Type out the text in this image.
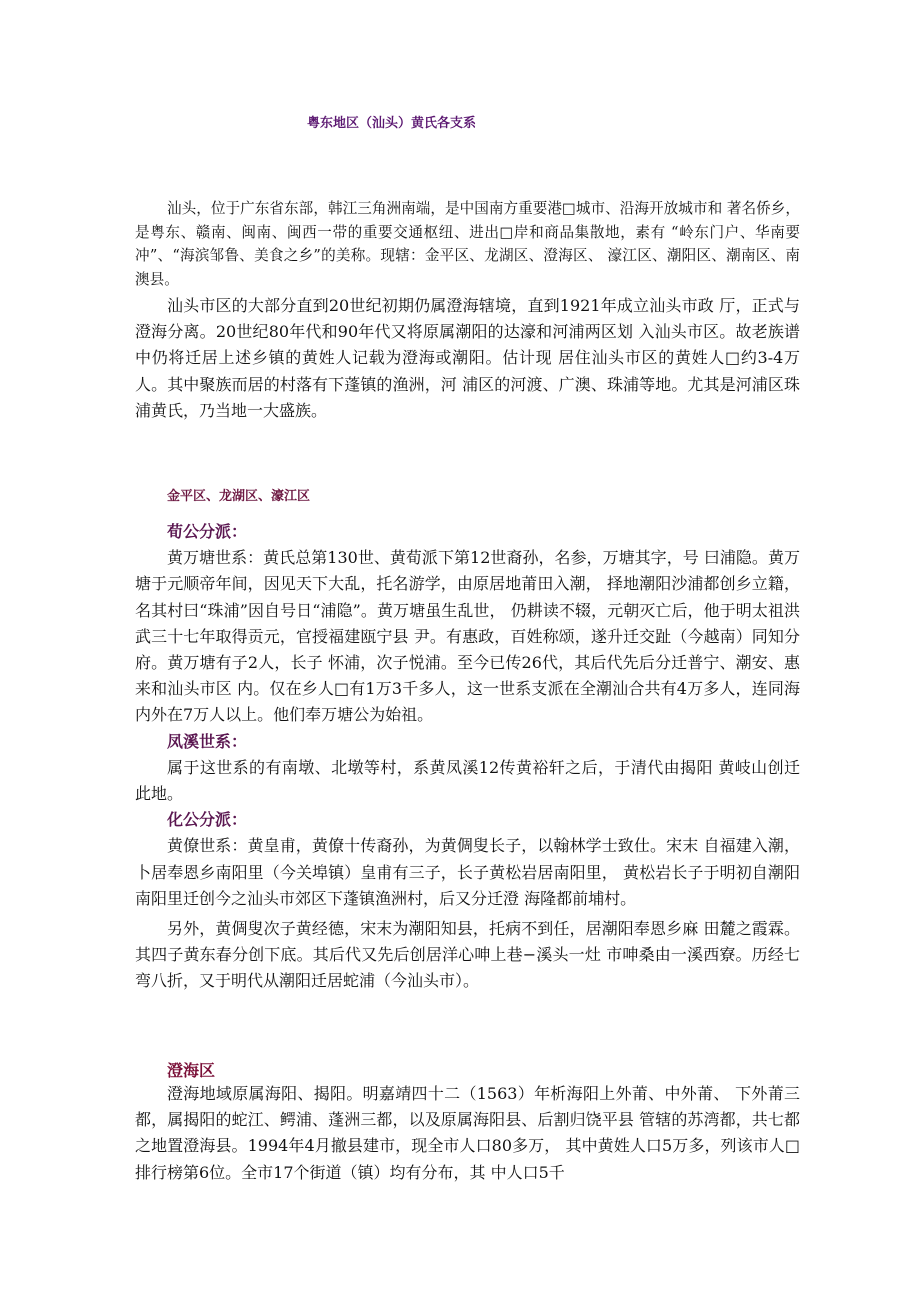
粤东地区（汕头）黄氏各支系

汕头，位于广东省东部，韩江三角洲南端，是中国南方重要港□城市、沿海开放城市和 著名侨乡，是粤东、赣南、闽南、闽西一带的重要交通枢纽、进出□岸和商品集散地，素有 “岭东门户、华南要冲”、“海滨邹鲁、美食之乡”的美称。现辖：金平区、龙湖区、澄海区、 濠江区、潮阳区、潮南区、南澳县。

汕头市区的大部分直到20世纪初期仍属澄海辖境，直到1921年成立汕头市政 厅，正式与澄海分离。20世纪80年代和90年代又将原属潮阳的达濠和河浦两区划 入汕头市区。故老族谱中仍将迁居上述乡镇的黄姓人记载为澄海或潮阳。估计现 居住汕头市区的黄姓人□约3-4万人。其中聚族而居的村落有下蓬镇的渔洲，河 浦区的河渡、广澳、珠浦等地。尤其是河浦区珠浦黄氏，乃当地一大盛族。

金平区、龙湖区、濠江区

荀公分派：

黄万塘世系：黄氏总第130世、黄荀派下第12世裔孙，名参，万塘其字，号 曰浦隐。黄万塘于元顺帝年间，因见天下大乱，托名游学，由原居地莆田入潮， 择地潮阳沙浦都创乡立籍，名其村曰“珠浦”因自号日“浦隐”。黄万塘虽生乱世， 仍耕读不辍，元朝灭亡后，他于明太祖洪武三十七年取得贡元，官授福建瓯宁县 尹。有惠政，百姓称颂，遂升迁交趾（今越南）同知分府。黄万塘有子2人，长子 怀浦，次子悦浦。至今已传26代，其后代先后分迁普宁、潮安、惠来和汕头市区 内。仅在乡人□有1万3千多人，这一世系支派在全潮汕合共有4万多人，连同海 内外在7万人以上。他们奉万塘公为始祖。

凤溪世系：

属于这世系的有南墩、北墩等村，系黄凤溪12传黄裕轩之后，于清代由揭阳 黄岐山创迁此地。

化公分派：

黄僚世系：黄皇甫，黄僚十传裔孙，为黄倜叟长子，以翰林学士致仕。宋末 自福建入潮，卜居奉恩乡南阳里（今关埠镇）皇甫有三子，长子黄松岩居南阳里， 黄松岩长子于明初自潮阳南阳里迁创今之汕头市郊区下蓬镇渔洲村，后又分迁澄 海隆都前埔村。

另外，黄倜叟次子黄经德，宋末为潮阳知县，托病不到任，居潮阳奉恩乡麻 田麓之霞霖。其四子黄东春分创下底。其后代又先后创居洋心呻上巷−溪头一灶 市呻桑由一溪西寮。历经七弯八折，又于明代从潮阳迁居蛇浦（今汕头市）。

澄海区

澄海地域原属海阳、揭阳。明嘉靖四十二（1563）年析海阳上外莆、中外莆、 下外莆三都，属揭阳的蛇江、鳄浦、蓬洲三都，以及原属海阳县、后割归饶平县 管辖的苏湾都，共七都之地置澄海县。1994年4月撤县建市，现全市人口80多万， 其中黄姓人口5万多，列该市人□排行榜第6位。全市17个街道（镇）均有分布，其 中人口5千
